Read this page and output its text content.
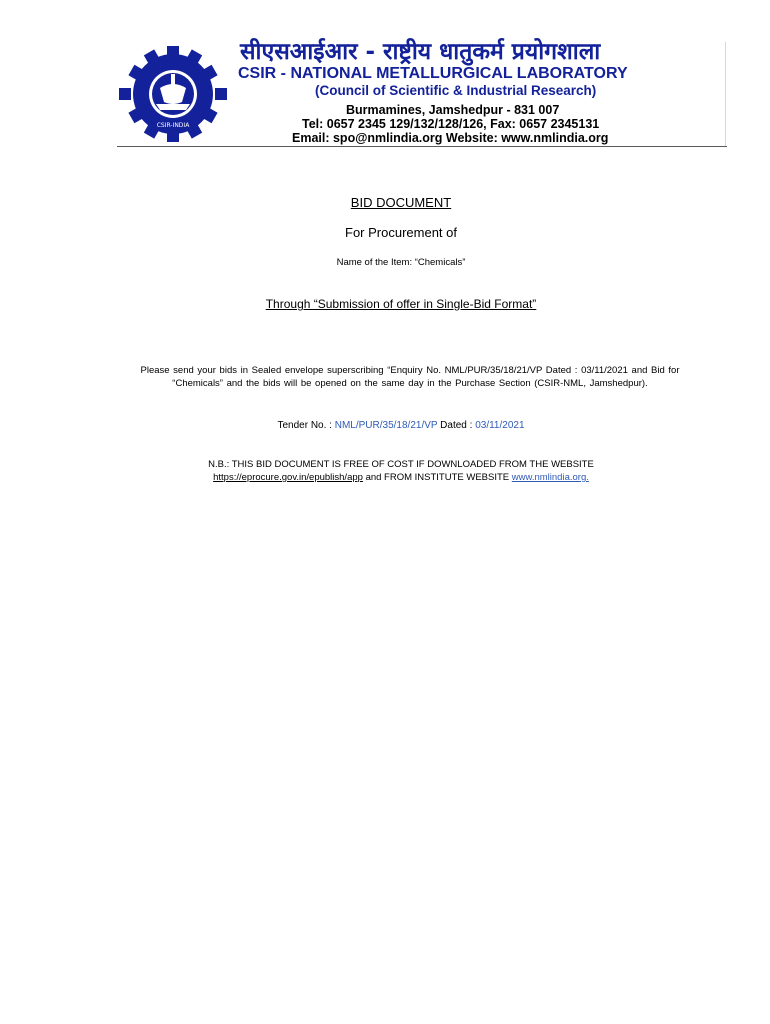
CSIR-INDIA
सीएसआईआर - राष्ट्रीय धातुकर्म प्रयोगशाला
CSIR - NATIONAL METALLURGICAL LABORATORY
(Council of Scientific & Industrial Research)
Burmamines, Jamshedpur - 831 007
Tel: 0657 2345 129/132/128/126, Fax: 0657 2345131
Email: spo@nmlindia.org Website: www.nmlindia.org
BID DOCUMENT
For Procurement of
Name of the Item: “Chemicals”
Through “Submission of offer in Single-Bid Format”
Please send your bids in Sealed envelope superscribing “Enquiry No. NML/PUR/35/18/21/VP Dated : 03/11/2021 and Bid for
“Chemicals” and the bids will be opened on the same day in the Purchase Section (CSIR-NML, Jamshedpur).
Tender No. : NML/PUR/35/18/21/VP Dated : 03/11/2021
N.B.: THIS BID DOCUMENT IS FREE OF COST IF DOWNLOADED FROM THE WEBSITE
https://eprocure.gov.in/epublish/app and FROM INSTITUTE WEBSITE www.nmlindia.org.
